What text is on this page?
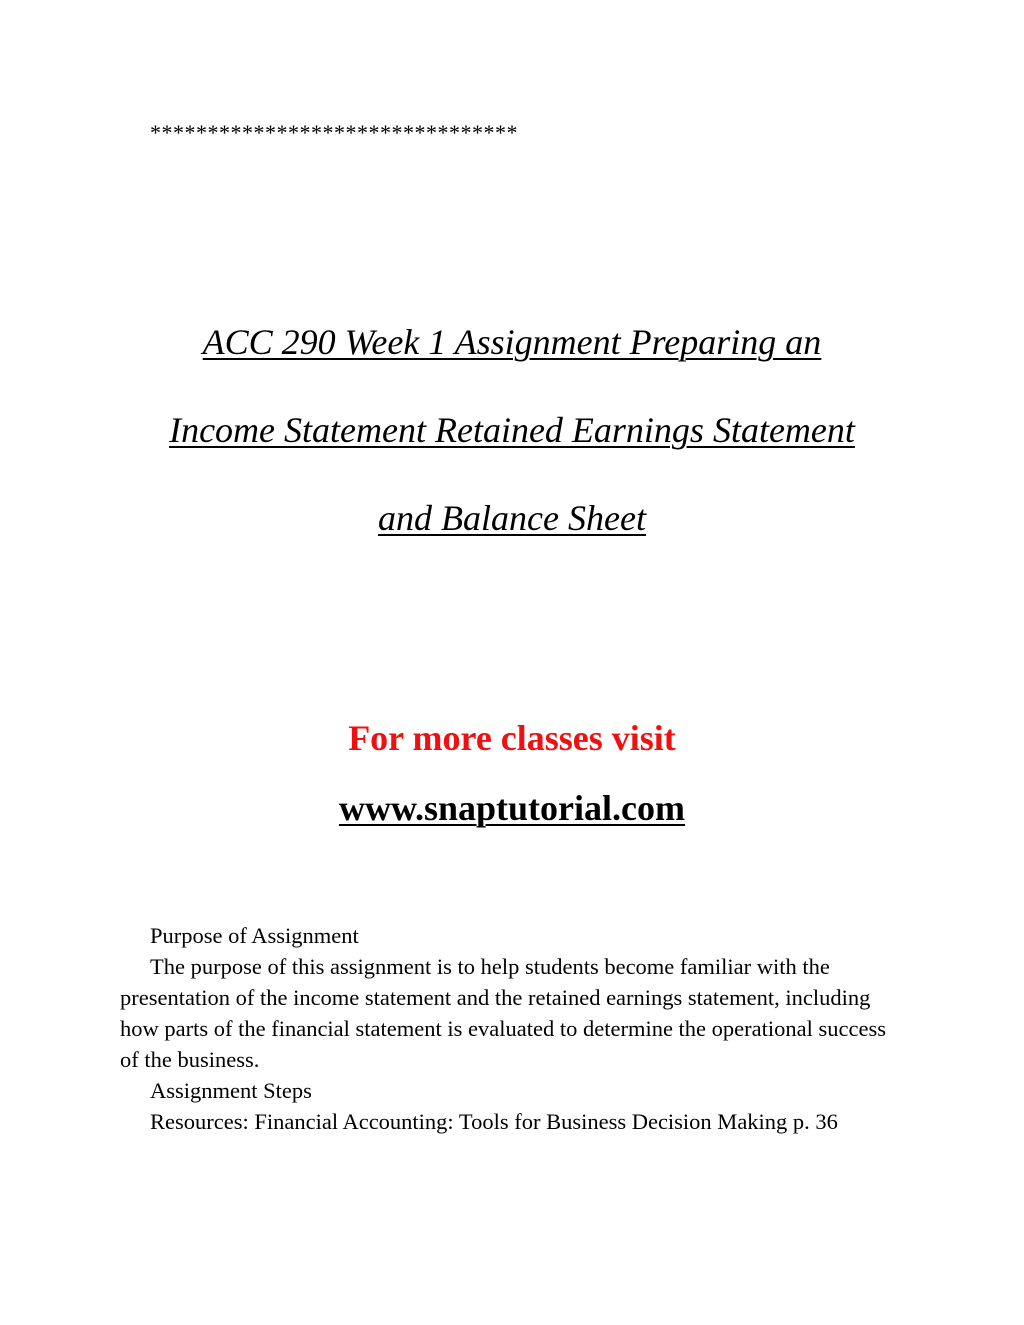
********************************
ACC 290 Week 1 Assignment Preparing an
Income Statement Retained Earnings Statement
and Balance Sheet
For more classes visit
www.snaptutorial.com

Purpose of Assignment

The purpose of this assignment is to help students become familiar with the presentation of the income statement and the retained earnings statement, including how parts of the financial statement is evaluated to determine the operational success of the business.

Assignment Steps

Resources: Financial Accounting: Tools for Business Decision Making p. 36
